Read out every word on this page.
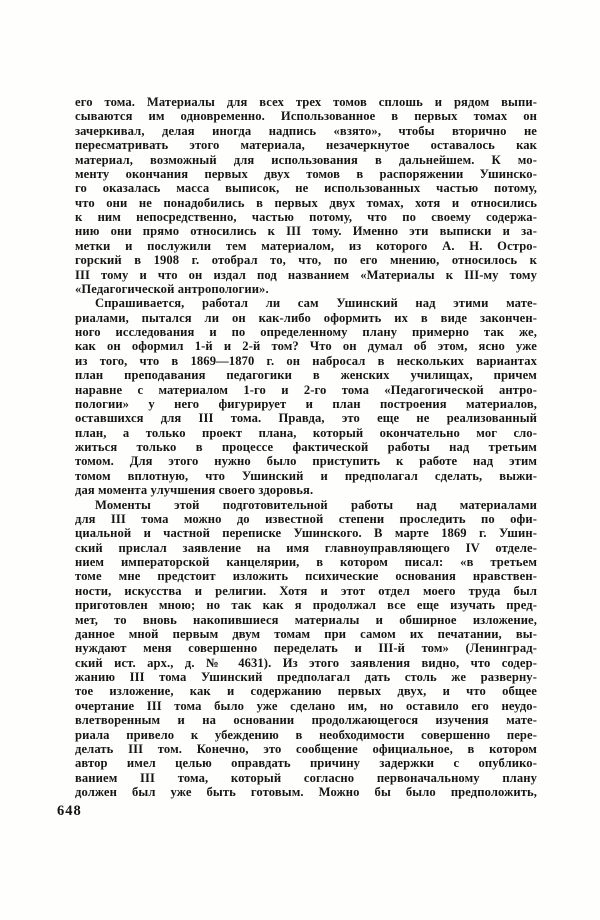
его тома. Материалы для всех трех томов сплошь и рядом выпи-
сываются им одновременно. Использованное в первых томах он
зачеркивал, делая иногда надпись «взято», чтобы вторично не
пересматривать этого материала, незачеркнутое оставалось как
материал, возможный для использования в дальнейшем. К мо-
менту окончания первых двух томов в распоряжении Ушинско-
го оказалась масса выписок, не использованных частью потому,
что они не понадобились в первых двух томах, хотя и относились
к ним непосредственно, частью потому, что по своему содержа-
нию они прямо относились к III тому. Именно эти выписки и за-
метки и послужили тем материалом, из которого А. Н. Остро-
горский в 1908 г. отобрал то, что, по его мнению, относилось к
III тому и что он издал под названием «Материалы к III-му тому
«Педагогической антропологии».
Спрашивается, работал ли сам Ушинский над этими мате-
риалами, пытался ли он как-либо оформить их в виде закончен-
ного исследования и по определенному плану примерно так же,
как он оформил 1-й и 2-й том? Что он думал об этом, ясно уже
из того, что в 1869—1870 г. он набросал в нескольких вариантах
план преподавания педагогики в женских училищах, причем
наравне с материалом 1-го и 2-го тома «Педагогической антро-
пологии» у него фигурирует и план построения материалов,
оставшихся для III тома. Правда, это еще не реализованный
план, а только проект плана, который окончательно мог сло-
житься только в процессе фактической работы над третьим
томом. Для этого нужно было приступить к работе над этим
томом вплотную, что Ушинский и предполагал сделать, выжи-
дая момента улучшения своего здоровья.
Моменты этой подготовительной работы над материалами
для III тома можно до известной степени проследить по офи-
циальной и частной переписке Ушинского. В марте 1869 г. Ушин-
ский прислал заявление на имя главноуправляющего IV отделе-
нием императорской канцелярии, в котором писал: «в третьем
томе мне предстоит изложить психические основания нравствен-
ности, искусства и религии. Хотя и этот отдел моего труда был
приготовлен мною; но так как я продолжал все еще изучать пред-
мет, то вновь накопившиеся материалы и обширное изложение,
данное мной первым двум томам при самом их печатании, вы-
нуждают меня совершенно переделать и III-й том» (Ленинград-
ский ист. арх., д. № 4631). Из этого заявления видно, что содер-
жанию III тома Ушинский предполагал дать столь же разверну-
тое изложение, как и содержанию первых двух, и что общее
очертание III тома было уже сделано им, но оставило его неудо-
влетворенным и на основании продолжающегося изучения мате-
риала привело к убеждению в необходимости совершенно пере-
делать III том. Конечно, это сообщение официальное, в котором
автор имел целью оправдать причину задержки с опублико-
ванием III тома, который согласно первоначальному плану
должен был уже быть готовым. Можно бы было предположить,
648
